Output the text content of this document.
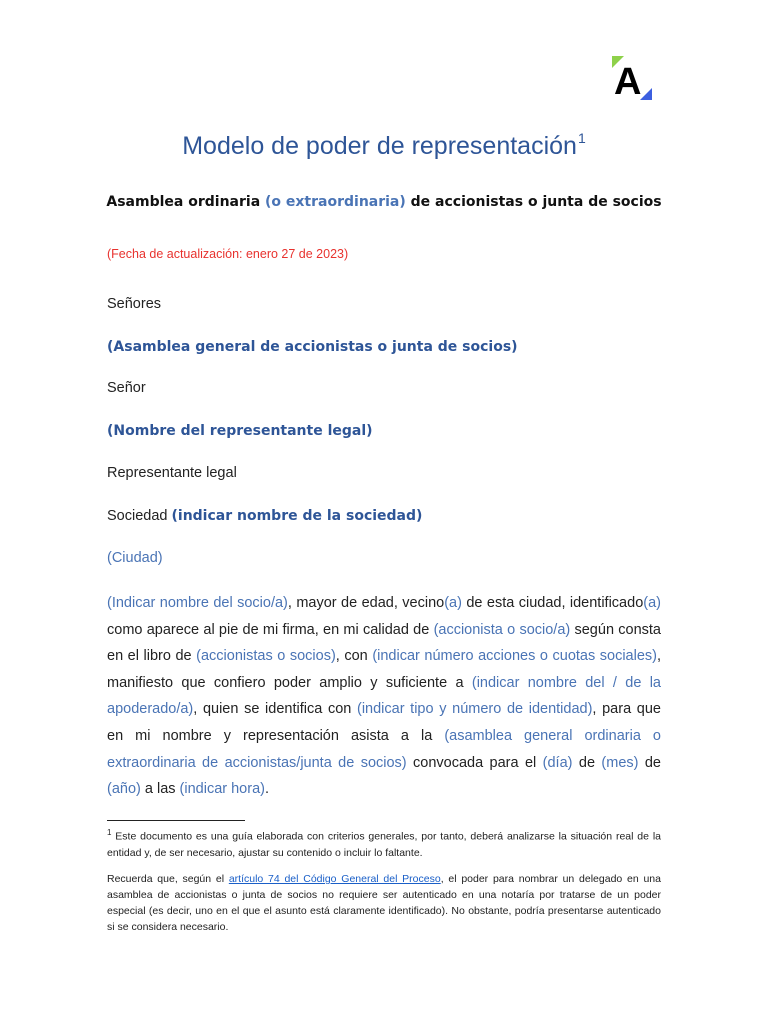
A
Modelo de poder de representación$^1$
Asamblea ordinaria (o extraordinaria) de accionistas o junta de socios
(Fecha de actualización: enero 27 de 2023)
Señores
(Asamblea general de accionistas o junta de socios)
Señor
(Nombre del representante legal)
Representante legal
Sociedad (indicar nombre de la sociedad)
(Ciudad)
(Indicar nombre del socio/a), mayor de edad, vecino(a) de esta ciudad, identificado(a) como aparece al pie de mi firma, en mi calidad de (accionista o socio/a) según consta en el libro de (accionistas o socios), con (indicar número acciones o cuotas sociales), manifiesto que confiero poder amplio y suficiente a (indicar nombre del / de la apoderado/a), quien se identifica con (indicar tipo y número de identidad), para que en mi nombre y representación asista a la (asamblea general ordinaria o extraordinaria de accionistas/junta de socios) convocada para el (día) de (mes) de (año) a las (indicar hora).
$^1$ Este documento es una guía elaborada con criterios generales, por tanto, deberá analizarse la situación real de la entidad y, de ser necesario, ajustar su contenido o incluir lo faltante.
Recuerda que, según el artículo 74 del Código General del Proceso, el poder para nombrar un delegado en una asamblea de accionistas o junta de socios no requiere ser autenticado en una notaría por tratarse de un poder especial (es decir, uno en el que el asunto está claramente identificado). No obstante, podría presentarse autenticado si se considera necesario.
